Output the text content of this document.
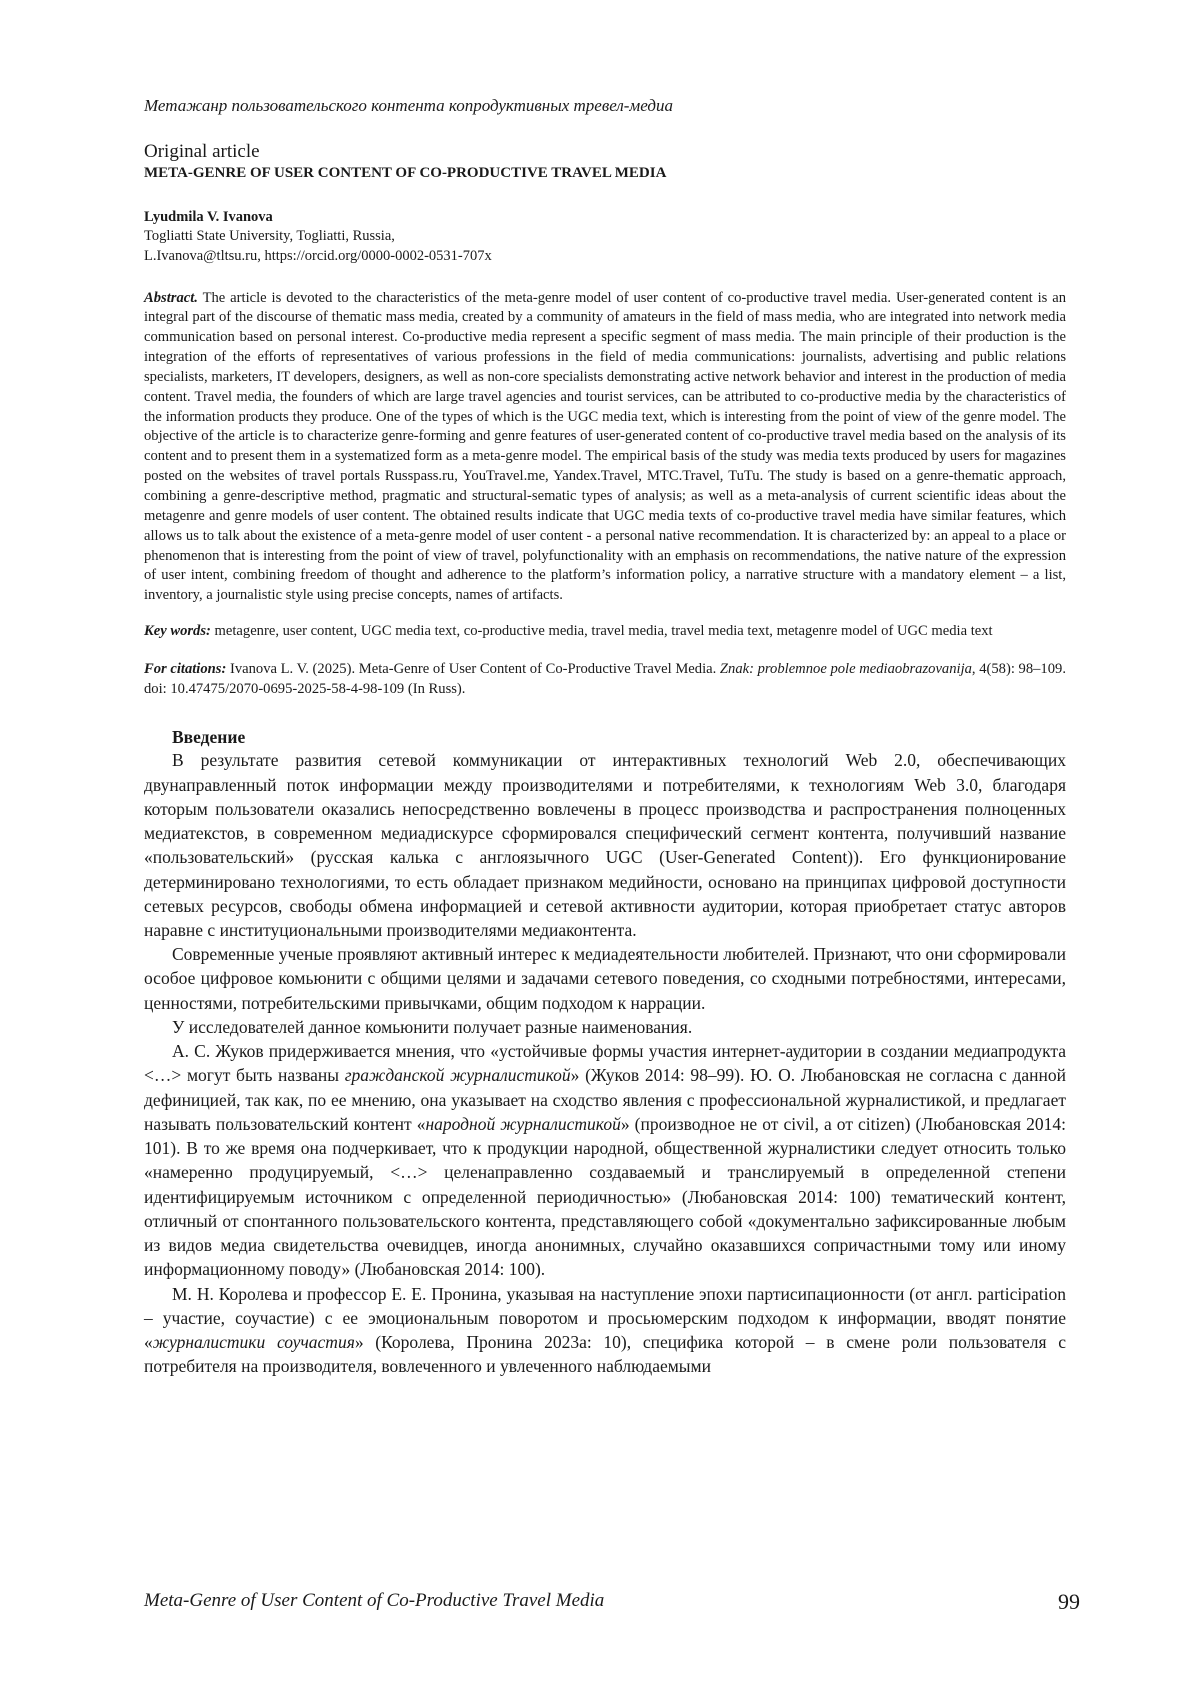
Метажанр пользовательского контента копродуктивных тревел-медиа
Original article
META-GENRE OF USER CONTENT OF CO-PRODUCTIVE TRAVEL MEDIA
Lyudmila V. Ivanova
Togliatti State University, Togliatti, Russia,
L.Ivanova@tltsu.ru, https://orcid.org/0000-0002-0531-707x
Abstract. The article is devoted to the characteristics of the meta-genre model of user content of co-productive travel media. User-generated content is an integral part of the discourse of thematic mass media, created by a community of amateurs in the field of mass media, who are integrated into network media communication based on personal interest. Co-productive media represent a specific segment of mass media. The main principle of their production is the integration of the efforts of representatives of various professions in the field of media communications: journalists, advertising and public relations specialists, marketers, IT developers, designers, as well as non-core specialists demonstrating active network behavior and interest in the production of media content. Travel media, the founders of which are large travel agencies and tourist services, can be attributed to co-productive media by the characteristics of the information products they produce. One of the types of which is the UGC media text, which is interesting from the point of view of the genre model. The objective of the article is to characterize genre-forming and genre features of user-generated content of co-productive travel media based on the analysis of its content and to present them in a systematized form as a meta-genre model. The empirical basis of the study was media texts produced by users for magazines posted on the websites of travel portals Russpass.ru, YouTravel.me, Yandex.Travel, MTC.Travel, TuTu. The study is based on a genre-thematic approach, combining a genre-descriptive method, pragmatic and structural-sematic types of analysis; as well as a meta-analysis of current scientific ideas about the metagenre and genre models of user content. The obtained results indicate that UGC media texts of co-productive travel media have similar features, which allows us to talk about the existence of a meta-genre model of user content - a personal native recommendation. It is characterized by: an appeal to a place or phenomenon that is interesting from the point of view of travel, polyfunctionality with an emphasis on recommendations, the native nature of the expression of user intent, combining freedom of thought and adherence to the platform’s information policy, a narrative structure with a mandatory element – a list, inventory, a journalistic style using precise concepts, names of artifacts.
Key words: metagenre, user content, UGC media text, co-productive media, travel media, travel media text, metagenre model of UGC media text
For citations: Ivanova L. V. (2025). Meta-Genre of User Content of Co-Productive Travel Media. Znak: problemnoe pole mediaobrazovanija, 4(58): 98–109. doi: 10.47475/2070-0695-2025-58-4-98-109 (In Russ).
Введение

В результате развития сетевой коммуникации от интерактивных технологий Web 2.0, обеспечивающих двунаправленный поток информации между производителями и потребителями, к технологиям Web 3.0, благодаря которым пользователи оказались непосредственно вовлечены в процесс производства и распространения полноценных медиатекстов, в современном медиадискурсе сформировался специфический сегмент контента, получивший название «пользовательский» (русская калька с англоязычного UGC (User-Generated Content)). Его функционирование детерминировано технологиями, то есть обладает признаком медийности, основано на принципах цифровой доступности сетевых ресурсов, свободы обмена информацией и сетевой активности аудитории, которая приобретает статус авторов наравне с институциональными производителями медиаконтента.

Современные ученые проявляют активный интерес к медиадеятельности любителей. Признают, что они сформировали особое цифровое комьюнити с общими целями и задачами сетевого поведения, со сходными потребностями, интересами, ценностями, потребительскими привычками, общим подходом к наррации.

У исследователей данное комьюнити получает разные наименования.

А. С. Жуков придерживается мнения, что «устойчивые формы участия интернет-аудитории в создании медиапродукта <…> могут быть названы гражданской журналистикой» (Жуков 2014: 98–99). Ю. О. Любановская не согласна с данной дефиницией, так как, по ее мнению, она указывает на сходство явления с профессиональной журналистикой, и предлагает называть пользовательский контент «народной журналистикой» (производное не от civil, а от citizen) (Любановская 2014: 101). В то же время она подчеркивает, что к продукции народной, общественной журналистики следует относить только «намеренно продуцируемый, <…> целенаправленно создаваемый и транслируемый в определенной степени идентифицируемым источником с определенной периодичностью» (Любановская 2014: 100) тематический контент, отличный от спонтанного пользовательского контента, представляющего собой «документально зафиксированные любым из видов медиа свидетельства очевидцев, иногда анонимных, случайно оказавшихся сопричастными тому или иному информационному поводу» (Любановская 2014: 100).

М. Н. Королева и профессор Е. Е. Пронина, указывая на наступление эпохи партисипационности (от англ. participation – участие, соучастие) с ее эмоциональным поворотом и просьюмерским подходом к информации, вводят понятие «журналистики соучастия» (Королева, Пронина 2023a: 10), специфика которой – в смене роли пользователя с потребителя на производителя, вовлеченного и увлеченного наблюдаемыми

Meta-Genre of User Content of Co-Productive Travel Media	99
